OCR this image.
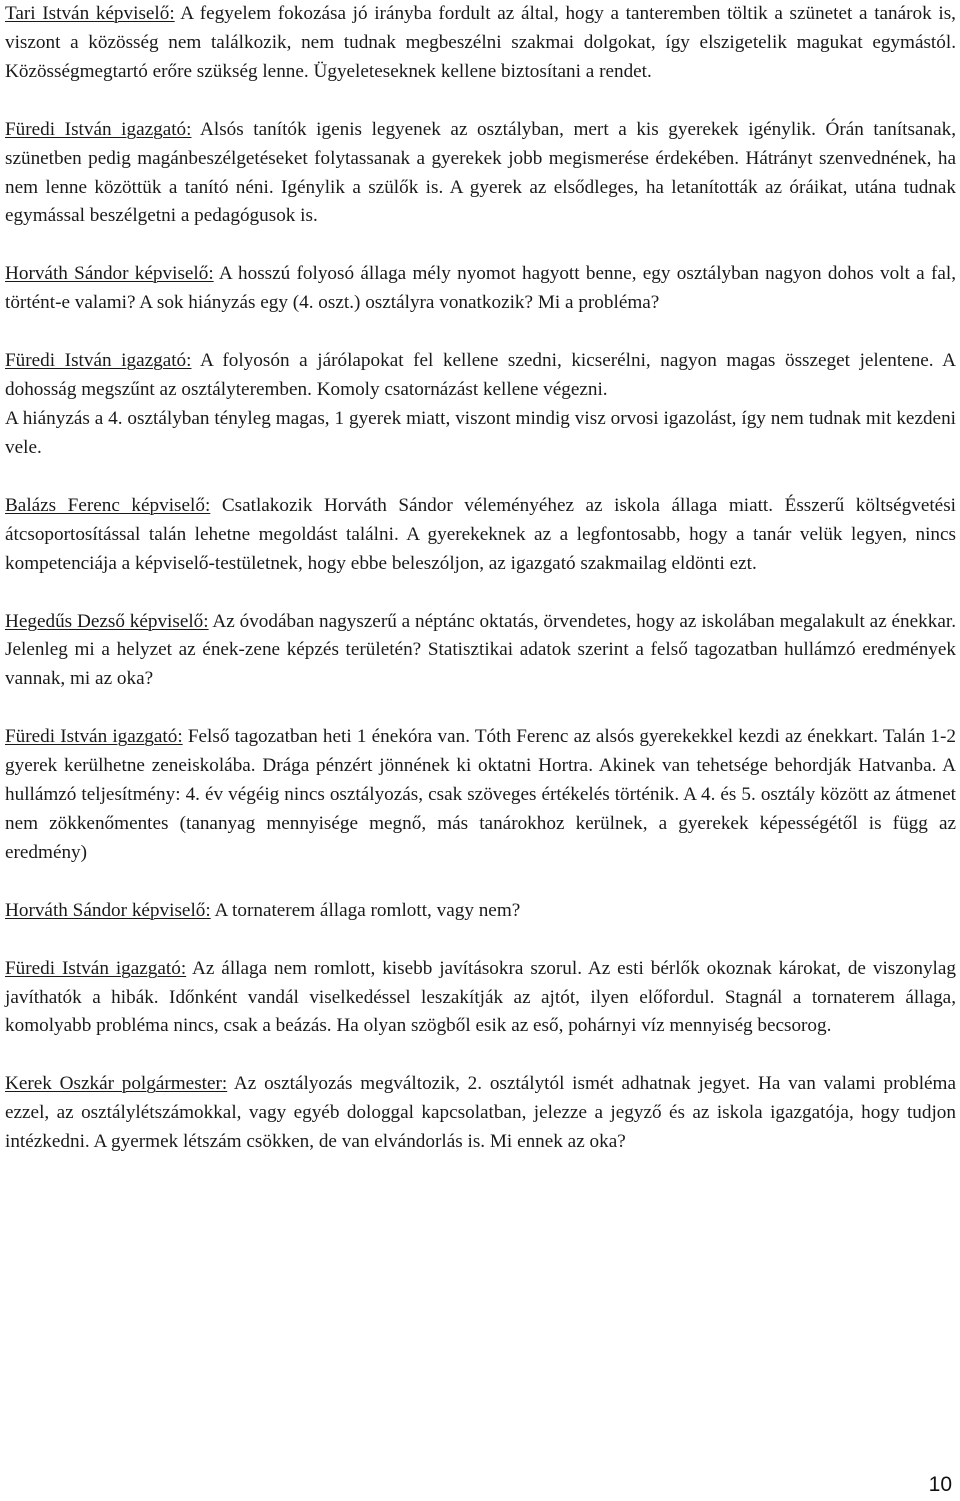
Tari István képviselő: A fegyelem fokozása jó irányba fordult az által, hogy a tanteremben töltik a szünetet a tanárok is, viszont a közösség nem találkozik, nem tudnak megbeszélni szakmai dolgokat, így elszigetelik magukat egymástól. Közösségmegtartó erőre szükség lenne. Ügyeleteseknek kellene biztosítani a rendet.

Füredi István igazgató: Alsós tanítók igenis legyenek az osztályban, mert a kis gyerekek igénylik. Órán tanítsanak, szünetben pedig magánbeszélgetéseket folytassanak a gyerekek jobb megismerése érdekében. Hátrányt szenvednének, ha nem lenne közöttük a tanító néni. Igénylik a szülők is. A gyerek az elsődleges, ha letanították az óráikat, utána tudnak egymással beszélgetni a pedagógusok is.

Horváth Sándor képviselő: A hosszú folyosó állaga mély nyomot hagyott benne, egy osztályban nagyon dohos volt a fal, történt-e valami? A sok hiányzás egy (4. oszt.) osztályra vonatkozik? Mi a probléma?

Füredi István igazgató: A folyosón a járólapokat fel kellene szedni, kicserélni, nagyon magas összeget jelentene. A dohosság megszűnt az osztályteremben. Komoly csatornázást kellene végezni.

A hiányzás a 4. osztályban tényleg magas, 1 gyerek miatt, viszont mindig visz orvosi igazolást, így nem tudnak mit kezdeni vele.

Balázs Ferenc képviselő: Csatlakozik Horváth Sándor véleményéhez az iskola állaga miatt. Ésszerű költségvetési átcsoportosítással talán lehetne megoldást találni. A gyerekeknek az a legfontosabb, hogy a tanár velük legyen, nincs kompetenciája a képviselő-testületnek, hogy ebbe beleszóljon, az igazgató szakmailag eldönti ezt.

Hegedűs Dezső képviselő: Az óvodában nagyszerű a néptánc oktatás, örvendetes, hogy az iskolában megalakult az énekkar. Jelenleg mi a helyzet az ének-zene képzés területén? Statisztikai adatok szerint a felső tagozatban hullámzó eredmények vannak, mi az oka?

Füredi István igazgató: Felső tagozatban heti 1 énekóra van. Tóth Ferenc az alsós gyerekekkel kezdi az énekkart. Talán 1-2 gyerek kerülhetne zeneiskolába. Drága pénzért jönnének ki oktatni Hortra. Akinek van tehetsége behordják Hatvanba. A hullámzó teljesítmény: 4. év végéig nincs osztályozás, csak szöveges értékelés történik. A 4. és 5. osztály között az átmenet nem zökkenőmentes (tananyag mennyisége megnő, más tanárokhoz kerülnek, a gyerekek képességétől is függ az eredmény)

Horváth Sándor képviselő: A tornaterem állaga romlott, vagy nem?

Füredi István igazgató: Az állaga nem romlott, kisebb javításokra szorul. Az esti bérlők okoznak károkat, de viszonylag javíthatók a hibák. Időnként vandál viselkedéssel leszakítják az ajtót, ilyen előfordul. Stagnál a tornaterem állaga, komolyabb probléma nincs, csak a beázás. Ha olyan szögből esik az eső, pohárnyi víz mennyiség becsorog.

Kerek Oszkár polgármester: Az osztályozás megváltozik, 2. osztálytól ismét adhatnak jegyet. Ha van valami probléma ezzel, az osztálylétszámokkal, vagy egyéb dologgal kapcsolatban, jelezze a jegyző és az iskola igazgatója, hogy tudjon intézkedni. A gyermek létszám csökken, de van elvándorlás is. Mi ennek az oka?

10
